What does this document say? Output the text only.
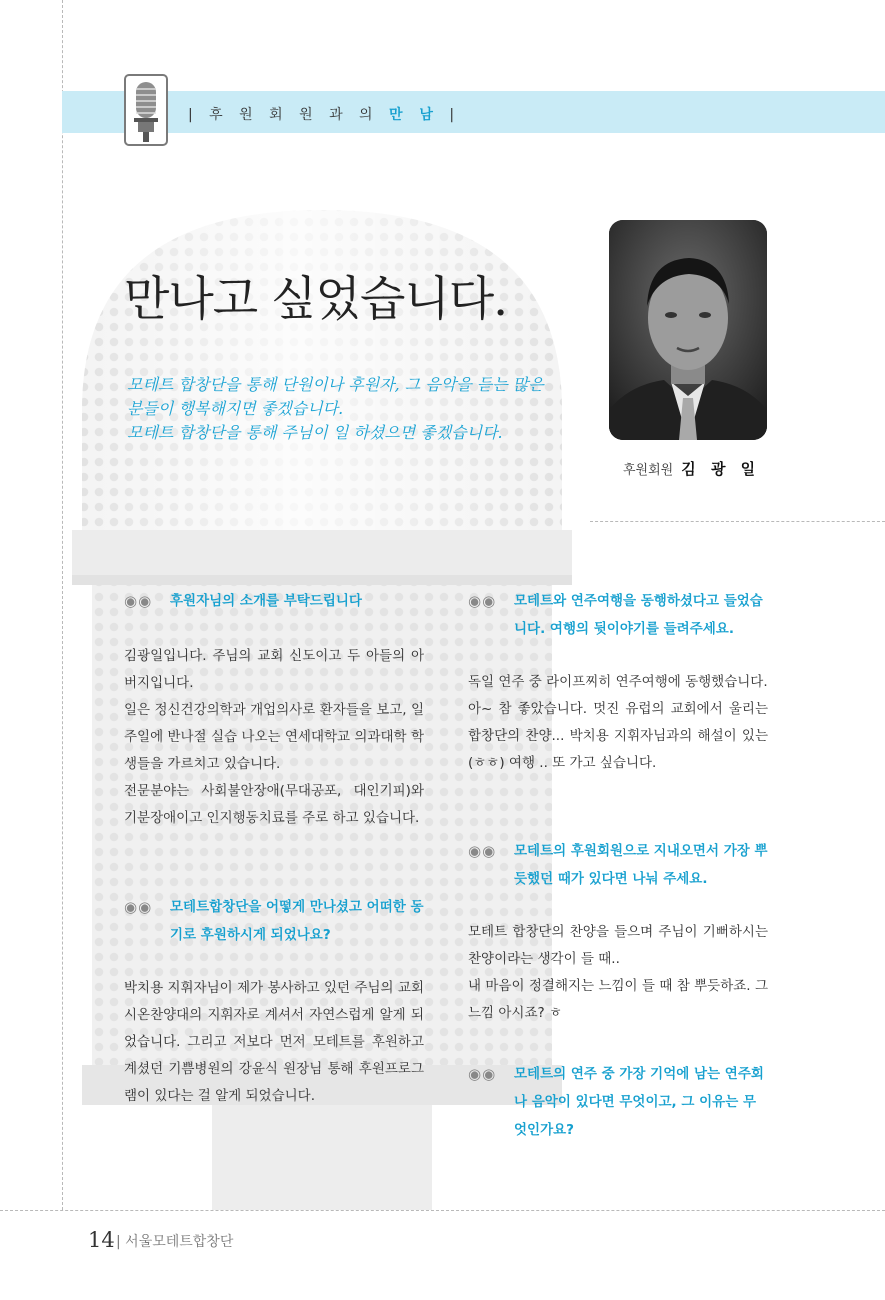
| 후 원 회 원 과 의 만 남 |
만나고 싶었습니다.

모테트 합창단을 통해 단원이나 후원자, 그 음악을 듣는 많은

분들이 행복해지면 좋겠습니다.

모테트 합창단을 통해 주님이 일 하셨으면 좋겠습니다.

후원회원 김 광 일

◉◉ 후원자님의 소개를 부탁드립니다

김광일입니다. 주님의 교회 신도이고 두 아들의 아버지입니다.

일은 정신건강의학과 개업의사로 환자들을 보고, 일주일에 반나절 실습 나오는 연세대학교 의과대학 학생들을 가르치고 있습니다.

전문분야는 사회불안장애(무대공포, 대인기피)와 기분장애이고 인지행동치료를 주로 하고 있습니다.

◉◉ 모테트합창단을 어떻게 만나셨고 어떠한 동기로 후원하시게 되었나요?

박치용 지휘자님이 제가 봉사하고 있던 주님의 교회 시온찬양대의 지휘자로 계셔서 자연스럽게 알게 되었습니다. 그리고 저보다 먼저 모테트를 후원하고 계셨던 기쁨병원의 강윤식 원장님 통해 후원프로그램이 있다는 걸 알게 되었습니다.

◉◉ 모테트와 연주여행을 동행하셨다고 들었습니다. 여행의 뒷이야기를 들려주세요.

독일 연주 중 라이프찌히 연주여행에 동행했습니다.

아~ 참 좋았습니다. 멋진 유럽의 교회에서 울리는 합창단의 찬양... 박치용 지휘자님과의 해설이 있는(ㅎㅎ) 여행 .. 또 가고 싶습니다.

◉◉ 모테트의 후원회원으로 지내오면서 가장 뿌듯했던 때가 있다면 나눠 주세요.

모테트 합창단의 찬양을 들으며 주님이 기뻐하시는 찬양이라는 생각이 들 때..

내 마음이 정결해지는 느낌이 들 때 참 뿌듯하죠. 그 느낌 아시죠? ㅎ

◉◉ 모테트의 연주 중 가장 기억에 남는 연주회나 음악이 있다면 무엇이고, 그 이유는 무엇인가요?

14 | 서울모테트합창단
